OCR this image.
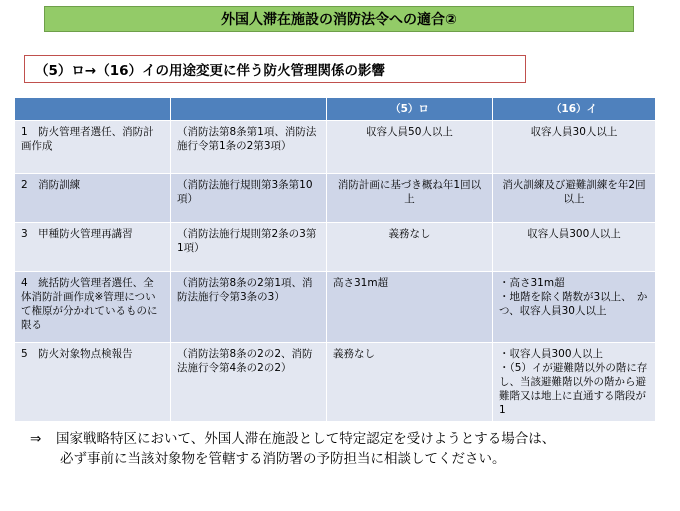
外国人滞在施設の消防法令への適合②
（5）ロ→（16）イの用途変更に伴う防火管理関係の影響
		（5）ロ	（16）イ
1　防火管理者選任、消防計画作成	（消防法第8条第1項、消防法施行令第1条の2第3項）	収容人員50人以上	収容人員30人以上

2　消防訓練	（消防法施行規則第3条第10項）	消防計画に基づき概ね年1回以上	消火訓練及び避難訓練を年2回以上

3　甲種防火管理再講習	（消防法施行規則第2条の3第1項）	義務なし	収容人員300人以上

4　統括防火管理者選任、全体消防計画作成※管理について権原が分かれているものに限る	（消防法第8条の2第1項、消防法施行令第3条の3）	高さ31m超	・高さ31m超
・地階を除く階数が3以上、　かつ、収容人員30人以上

5　防火対象物点検報告	（消防法第8条の2の2、消防法施行令第4条の2の2）	義務なし	・収容人員300人以上
・（5）イが避難階以外の階に存し、当該避難階以外の階から避難階又は地上に直通する階段が1
⇒ 国家戦略特区において、外国人滞在施設として特定認定を受けようとする場合は、
必ず事前に当該対象物を管轄する消防署の予防担当に相談してください。
